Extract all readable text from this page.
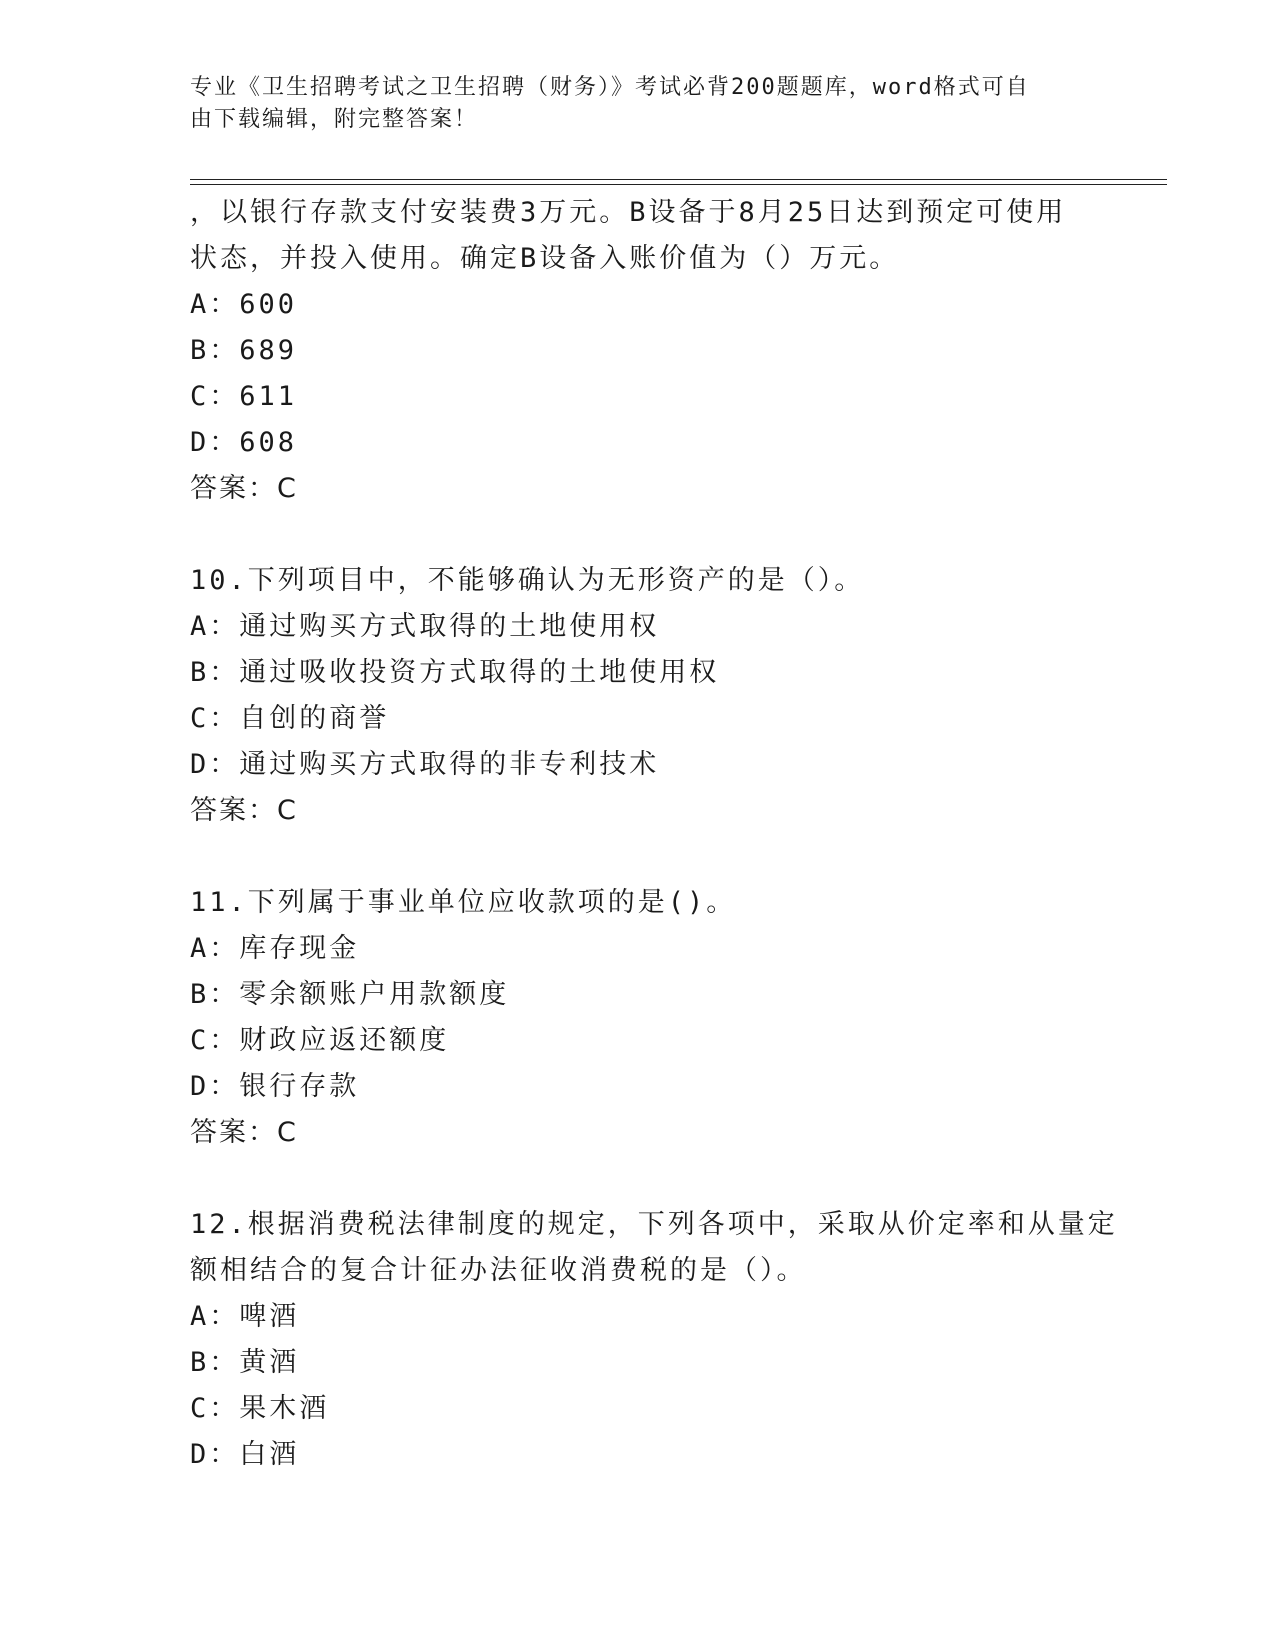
专业《卫生招聘考试之卫生招聘（财务）》考试必背200题题库，word格式可自
由下载编辑，附完整答案！
，以银行存款支付安装费3万元。B设备于8月25日达到预定可使用
状态，并投入使用。确定B设备入账价值为（）万元。
A：600
B：689
C：611
D：608
答案：C
10.下列项目中，不能够确认为无形资产的是（）。
A：通过购买方式取得的土地使用权
B：通过吸收投资方式取得的土地使用权
C：自创的商誉
D：通过购买方式取得的非专利技术
答案：C
11.下列属于事业单位应收款项的是()。
A：库存现金
B：零余额账户用款额度
C：财政应返还额度
D：银行存款
答案：C
12.根据消费税法律制度的规定，下列各项中，采取从价定率和从量定
额相结合的复合计征办法征收消费税的是（）。
A：啤酒
B：黄酒
C：果木酒
D：白酒
